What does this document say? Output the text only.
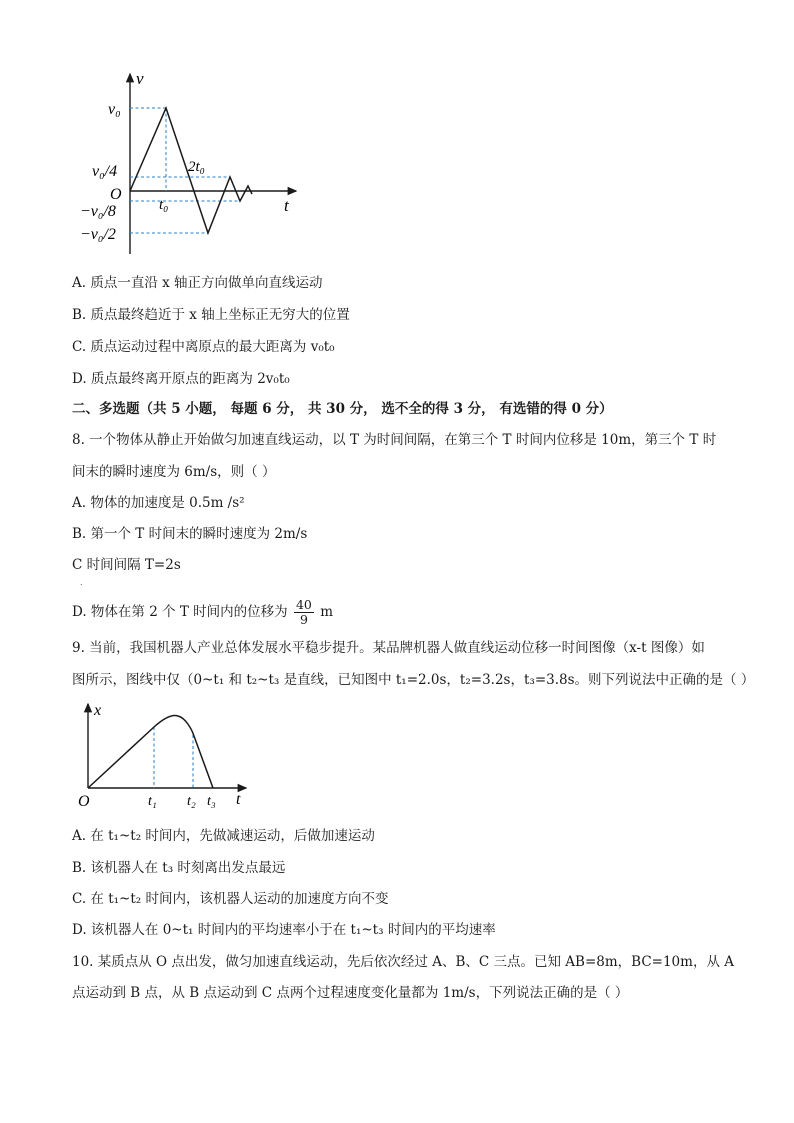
v
t
O
v₀
v₀/4
−v₀/8
−v₀/2
t₀
2t₀
A. 质点一直沿 x 轴正方向做单向直线运动
B. 质点最终趋近于 x 轴上坐标正无穷大的位置
C. 质点运动过程中离原点的最大距离为 v₀t₀
D. 质点最终离开原点的距离为 2v₀t₀
二、多选题（共 5 小题， 每题 6 分， 共 30 分， 选不全的得 3 分， 有选错的得 0 分）
8. 一个物体从静止开始做匀加速直线运动，以 T 为时间间隔，在第三个 T 时间内位移是 10m，第三个 T 时
间末的瞬时速度为 6m/s，则（ ）
A. 物体的加速度是 0.5m /s²
B. 第一个 T 时间末的瞬时速度为 2m/s
C 时间间隔 T=2s
.
D. 物体在第 2 个 T 时间内的位移为 $\frac{40}{9}$ m
9. 当前，我国机器人产业总体发展水平稳步提升。某品牌机器人做直线运动位移一时间图像（x-t 图像）如
图所示，图线中仅（0~t₁ 和 t₂~t₃ 是直线，已知图中 t₁=2.0s，t₂=3.2s，t₃=3.8s。则下列说法中正确的是（ ）
x
t
O	t₁ t₂ t₃
A. 在 t₁~t₂ 时间内，先做减速运动，后做加速运动
B. 该机器人在 t₃ 时刻离出发点最远
C. 在 t₁~t₂ 时间内，该机器人运动的加速度方向不变
D. 该机器人在 0~t₁ 时间内的平均速率小于在 t₁~t₃ 时间内的平均速率
10. 某质点从 O 点出发，做匀加速直线运动，先后依次经过 A、B、C 三点。已知 AB=8m，BC=10m，从 A
点运动到 B 点，从 B 点运动到 C 点两个过程速度变化量都为 1m/s，下列说法正确的是（ ）
